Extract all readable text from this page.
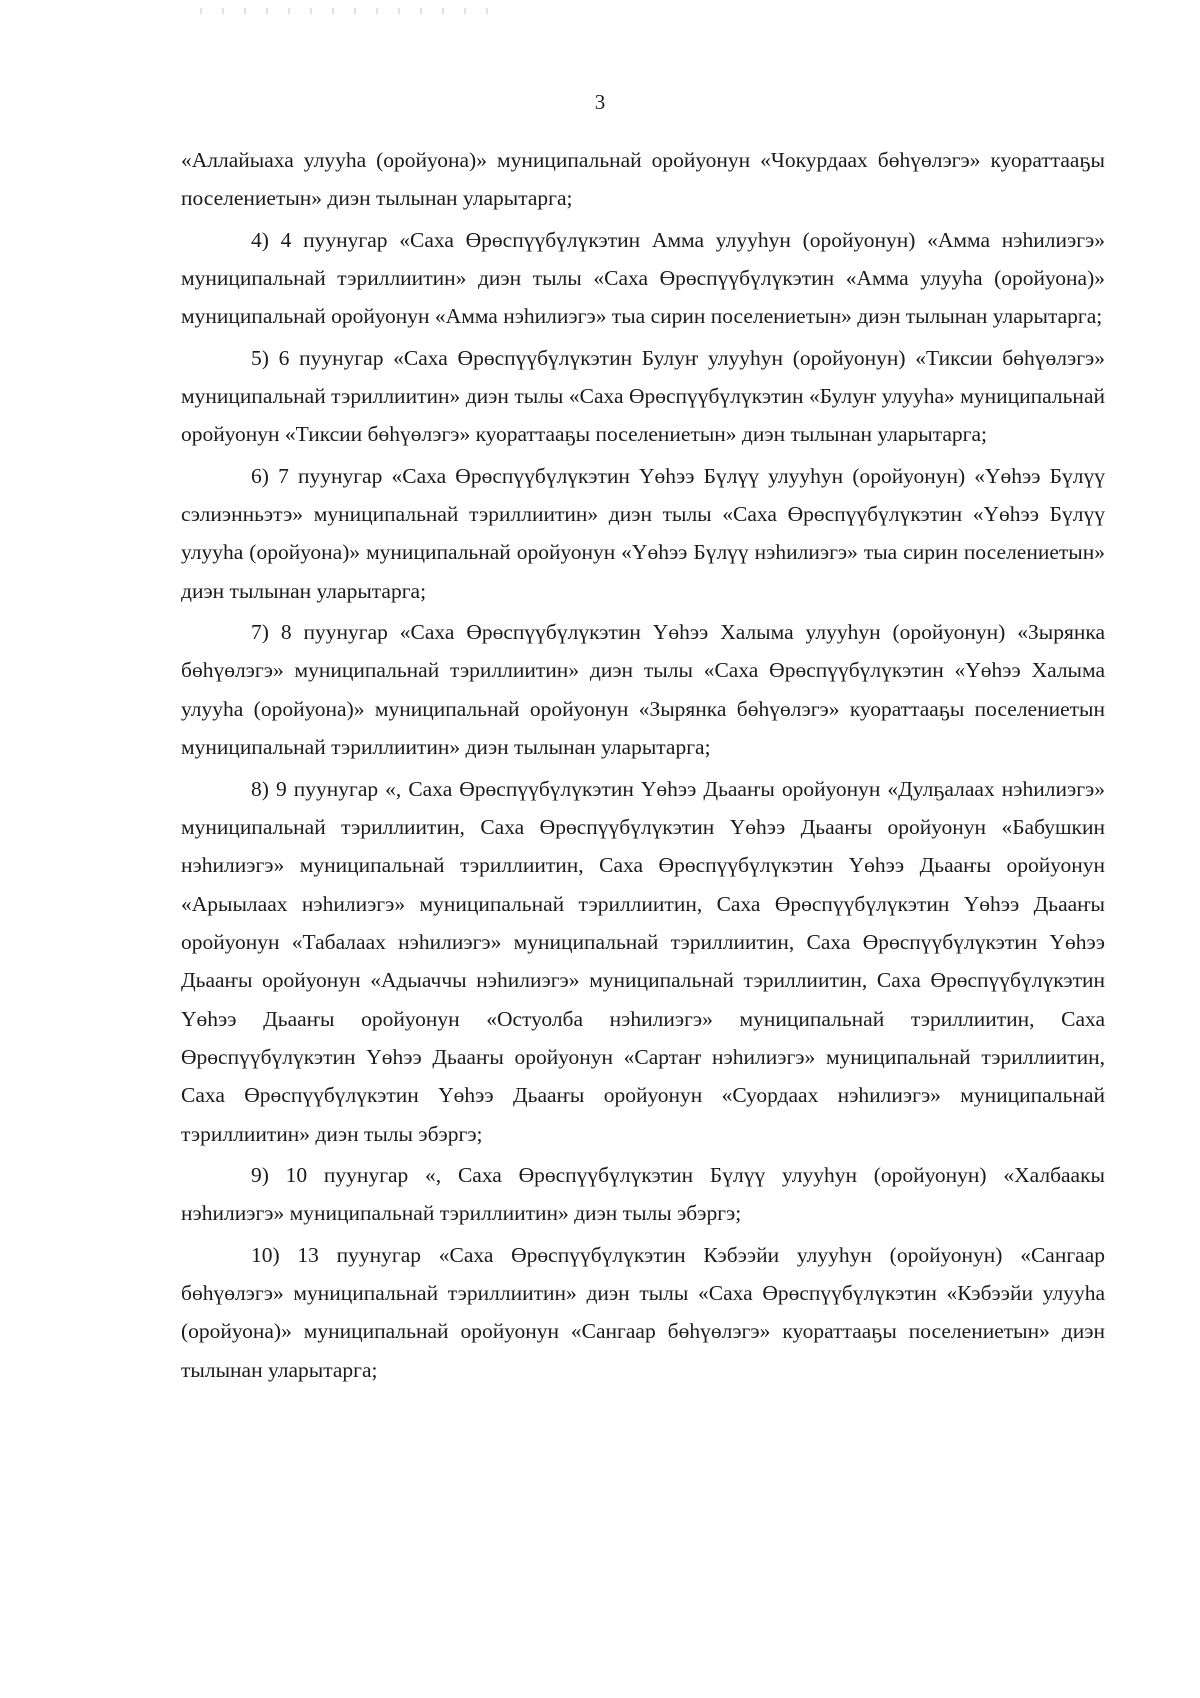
3

«Аллайыаха улууһа (оройуона)» муниципальнай оройуонун «Чокурдаах бөһүөлэгэ» куораттааҕы поселениетын» диэн тылынан уларытарга;

4) 4 пуунугар «Саха Өрөспүүбүлүкэтин Амма улууһун (оройуонун) «Амма нэһилиэгэ» муниципальнай тэриллиитин» диэн тылы «Саха Өрөспүүбүлүкэтин «Амма улууһа (оройуона)» муниципальнай оройуонун «Амма нэһилиэгэ» тыа сирин поселениетын» диэн тылынан уларытарга;

5) 6 пуунугар «Саха Өрөспүүбүлүкэтин Булуҥ улууһун (оройуонун) «Тиксии бөһүөлэгэ» муниципальнай тэриллиитин» диэн тылы «Саха Өрөспүүбүлүкэтин «Булуҥ улууһа» муниципальнай оройуонун «Тиксии бөһүөлэгэ» куораттааҕы поселениетын» диэн тылынан уларытарга;

6) 7 пуунугар «Саха Өрөспүүбүлүкэтин Үөһээ Бүлүү улууһун (оройуонун) «Үөһээ Бүлүү сэлиэнньэтэ» муниципальнай тэриллиитин» диэн тылы «Саха Өрөспүүбүлүкэтин «Үөһээ Бүлүү улууһа (оройуона)» муниципальнай оройуонун «Үөһээ Бүлүү нэһилиэгэ» тыа сирин поселениетын» диэн тылынан уларытарга;

7) 8 пуунугар «Саха Өрөспүүбүлүкэтин Үөһээ Халыма улууһун (оройуонун) «Зырянка бөһүөлэгэ» муниципальнай тэриллиитин» диэн тылы «Саха Өрөспүүбүлүкэтин «Үөһээ Халыма улууһа (оройуона)» муниципальнай оройуонун «Зырянка бөһүөлэгэ» куораттааҕы поселениетын муниципальнай тэриллиитин» диэн тылынан уларытарга;

8) 9 пуунугар «, Саха Өрөспүүбүлүкэтин Үөһээ Дьааҥы оройуонун «Дулҕалаах нэһилиэгэ» муниципальнай тэриллиитин, Саха Өрөспүүбүлүкэтин Үөһээ Дьааҥы оройуонун «Бабушкин нэһилиэгэ» муниципальнай тэриллиитин, Саха Өрөспүүбүлүкэтин Үөһээ Дьааҥы оройуонун «Арыылаах нэһилиэгэ» муниципальнай тэриллиитин, Саха Өрөспүүбүлүкэтин Үөһээ Дьааҥы оройуонун «Табалаах нэһилиэгэ» муниципальнай тэриллиитин, Саха Өрөспүүбүлүкэтин Үөһээ Дьааҥы оройуонун «Адыаччы нэһилиэгэ» муниципальнай тэриллиитин, Саха Өрөспүүбүлүкэтин Үөһээ Дьааҥы оройуонун «Остуолба нэһилиэгэ» муниципальнай тэриллиитин, Саха Өрөспүүбүлүкэтин Үөһээ Дьааҥы оройуонун «Сартаҥ нэһилиэгэ» муниципальнай тэриллиитин, Саха Өрөспүүбүлүкэтин Үөһээ Дьааҥы оройуонун «Суордаах нэһилиэгэ» муниципальнай тэриллиитин» диэн тылы эбэргэ;

9) 10 пуунугар «, Саха Өрөспүүбүлүкэтин Бүлүү улууһун (оройуонун) «Халбаакы нэһилиэгэ» муниципальнай тэриллиитин» диэн тылы эбэргэ;

10) 13 пуунугар «Саха Өрөспүүбүлүкэтин Кэбээйи улууһун (оройуонун) «Сангаар бөһүөлэгэ» муниципальнай тэриллиитин» диэн тылы «Саха Өрөспүүбүлүкэтин «Кэбээйи улууһа (оройуона)» муниципальнай оройуонун «Сангаар бөһүөлэгэ» куораттааҕы поселениетын» диэн тылынан уларытарга;
